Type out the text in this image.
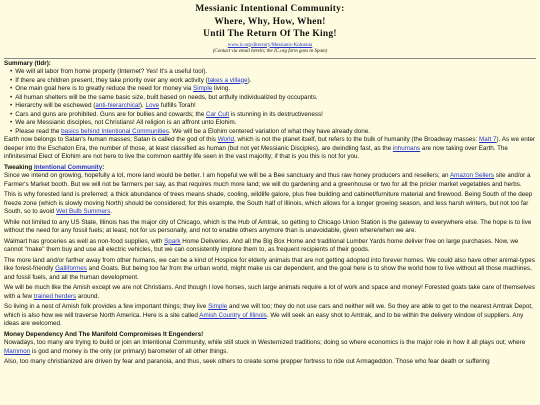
Messianic Intentional Community:
Where, Why, How, When!
Until The Return Of The King!
www.ic.org/directory/Messianic-Koinonia
(Contact via email herein; the IC.org form goes to Spam)
Summary (tldr):
• We will all labor from home property (Internet? Yes! It's a useful tool).
• If there are children present, they take priority over any work activity (takes a village).
• One main goal here is to greatly reduce the need for money via Simple living.
• All human shelters will be the same basic size, built based on needs, but artfully individualized by occupants.
• Hierarchy will be eschewed (anti-hierarchical). Love fulfills Torah!
• Cars and guns are prohibited. Guns are for bullies and cowards; the Car Cult is stunning in its destructiveness!
• We are Messianic disciples, not Christians! All religion is an affront unto Elohim.
• Please read the basics behind Intentional Communities. We will be a Elohim centered variation of what they have already done.

Earth now belongs to Satan's human masses; Satan is called the god of this World, which is not the planet itself, but refers to the bulk of humanity (the Broadway masses: Matt 7). As we enter deeper into the Eschaton Era, the number of those, at least classified as human (but not yet Messianic Disciples), are dwindling fast, as the inhumans are now taking over Earth. The infinitesimal Elect of Elohim are not here to live the common earthly life seen in the vast majority; if that is you this is not for you.

Tweaking Intentional Community:

Since we intend on growing, hopefully a lot, more land would be better. I am hopeful we will be a Bee sanctuary and thus raw honey producers and resellers; an Amazon Sellers site and/or a Farmer's Market booth. But we will not be farmers per say, as that requires much more land; we will do gardening and a greenhouse or two for all the pricier market vegetables and herbs.

This is why forested land is preferred; a thick abundance of trees means shade, cooling, wildlife galore, plus free building and cabinet/furniture material and firewood. Being South of the deep freeze zone (which is slowly moving North) should be considered; for this example, the South half of Illinois, which allows for a longer growing season, and less harsh winters, but not too far South, so to avoid Wet Bulb Summers.

While not limited to any US State, Illinois has the major city of Chicago, which is the Hub of Amtrak, so getting to Chicago Union Station is the gateway to everywhere else. The hope is to live without the need for any fossil fuels; at least, not for us personally, and not to enable others anymore than is unavoidable, given where/when we are.

Walmart has groceries as well as non-food supplies, with Spark Home Deliveries. And all the Big Box Home and traditional Lumber Yards home deliver free on large purchases. Now, we cannot "make" them buy and use all electric vehicles, but we can consistently implore them to, as frequent recipients of their goods.

The more land and/or farther away from other humans, we can be a kind of Hospice for elderly animals that are not getting adopted into forever homes. We could also have other animal-types like forest-friendly Galliformes and Goats. But being too far from the urban world, might make us car dependent, and the goal here is to show the world how to live without all those machines, and fossil fuels, and all the human development.

We will be much like the Amish except we are not Christians. And though I love horses, such large animals require a lot of work and space and money! Forested goats take care of themselves with a few trained herders around.

So living in a nest of Amish folk provides a few important things; they live Simple and we will too; they do not use cars and neither will we. So they are able to get to the nearest Amtrak Depot, which is also how we will traverse North America. Here is a site called Amish Country of Illinois. We will seek an easy shot to Amtrak, and to be within the delivery window of suppliers. Any ideas are welcomed.

Money Dependency And The Manifold Compromises It Engenders!

Nowadays, too many are trying to build or join an Intentional Community, while still stuck in Westernized traditions; doing so where economics is the major role in how it all plays out; where Mammon is god and money is the only (or primary) barometer of all other things.

Also, too many christianized are driven by fear and paranoia, and thus, seek others to create some prepper fortress to ride out Armageddon. Those who fear death or suffering
